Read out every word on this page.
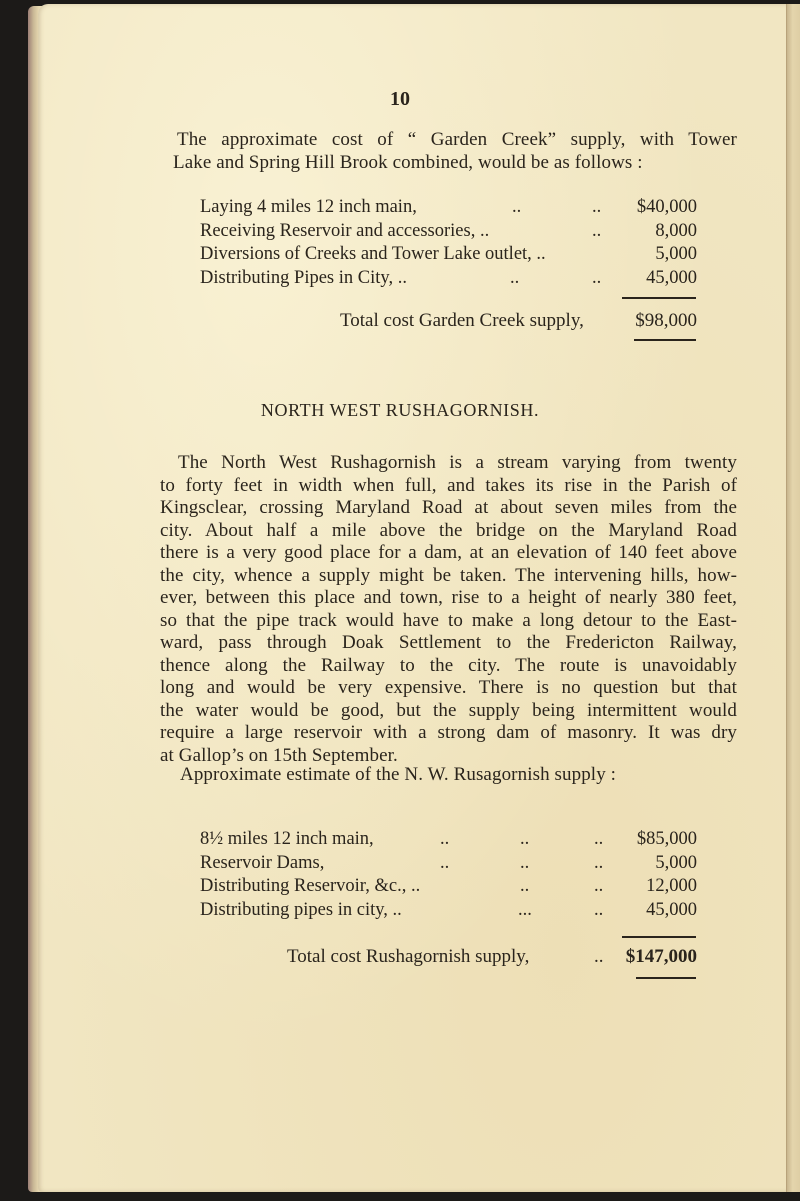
10
The approximate cost of “ Garden Creek” supply, with Tower
Lake and Spring Hill Brook combined, would be as follows :
Laying 4 miles 12 inch main,	..	.. $40,000
Receiving Reservoir and accessories, ..	..	8,000
Diversions of Creeks and Tower Lake outlet, ..	5,000
Distributing Pipes in City, ..	..	.. 45,000
Total cost Garden Creek supply,	$98,000
NORTH WEST RUSHAGORNISH.
The North West Rushagornish is a stream varying from twenty
to forty feet in width when full, and takes its rise in the Parish of
Kingsclear, crossing Maryland Road at about seven miles from the
city. About half a mile above the bridge on the Maryland Road
there is a very good place for a dam, at an elevation of 140 feet above
the city, whence a supply might be taken. The intervening hills, how-
ever, between this place and town, rise to a height of nearly 380 feet,
so that the pipe track would have to make a long detour to the East-
ward, pass through Doak Settlement to the Fredericton Railway,
thence along the Railway to the city. The route is unavoidably
long and would be very expensive. There is no question but that
the water would be good, but the supply being intermittent would
require a large reservoir with a strong dam of masonry. It was dry
at Gallop’s on 15th September.
Approximate estimate of the N. W. Rusagornish supply :
8½ miles 12 inch main,	..	..	.. $85,000
Reservoir Dams,	..	..	..	5,000
Distributing Reservoir, &c., ..	..	.. 12,000
Distributing pipes in city, ..	...	.. 45,000
Total cost Rushagornish supply,	..	$147,000
